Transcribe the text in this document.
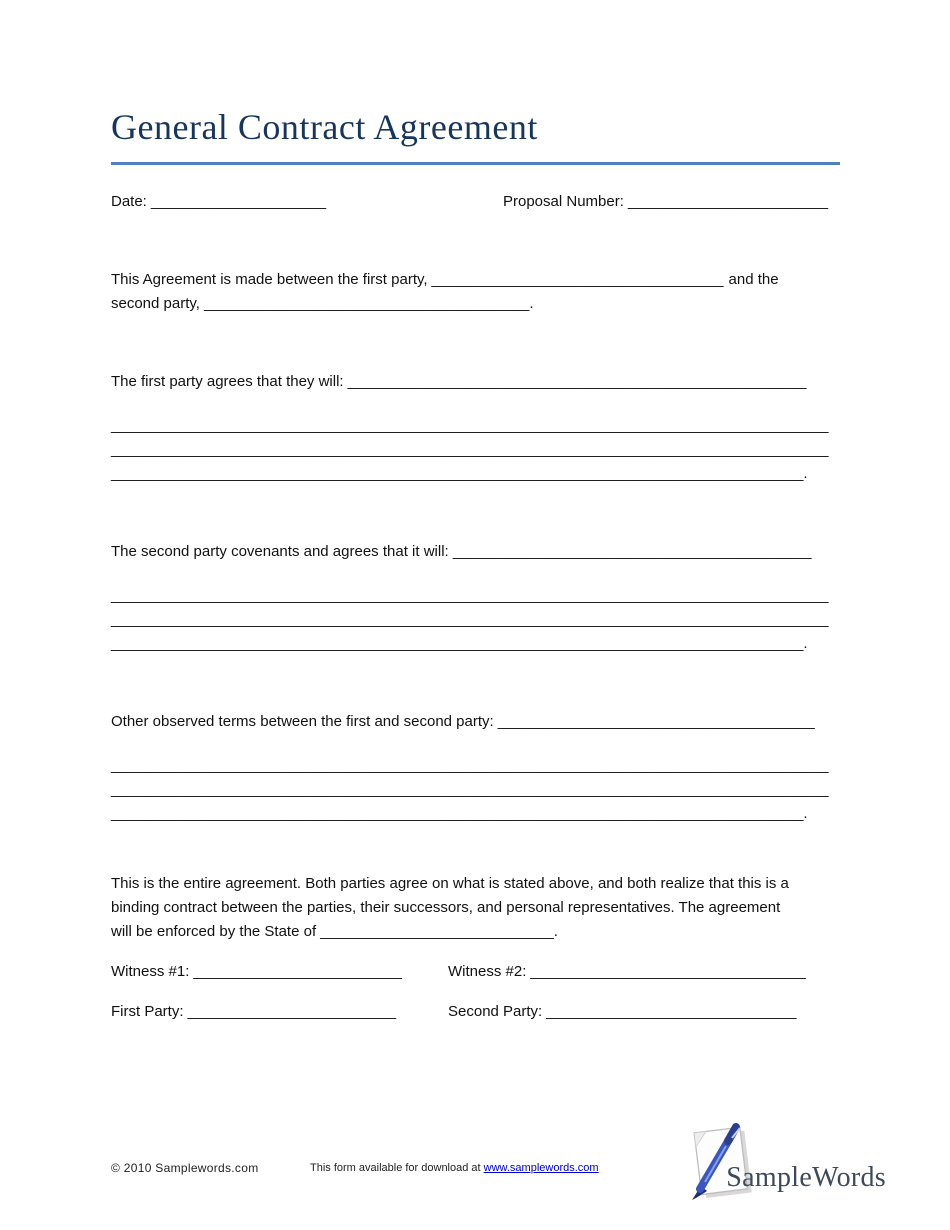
General Contract Agreement
Date: _____________________	Proposal Number: ________________________
This Agreement is made between the first party, ___________________________________ and the
second party, _______________________________________.
The first party agrees that they will: _______________________________________________________
______________________________________________________________________________________
______________________________________________________________________________________
___________________________________________________________________________________.
The second party covenants and agrees that it will: ___________________________________________
______________________________________________________________________________________
______________________________________________________________________________________
___________________________________________________________________________________.
Other observed terms between the first and second party: ______________________________________
______________________________________________________________________________________
______________________________________________________________________________________
___________________________________________________________________________________.
This is the entire agreement. Both parties agree on what is stated above, and both realize that this is a
binding contract between the parties, their successors, and personal representatives. The agreement
will be enforced by the State of ____________________________.
Witness #1: _________________________	Witness #2: _________________________________
First Party: _________________________	Second Party: ______________________________
© 2010 Samplewords.com	This form available for download at www.samplewords.com	SampleWords
